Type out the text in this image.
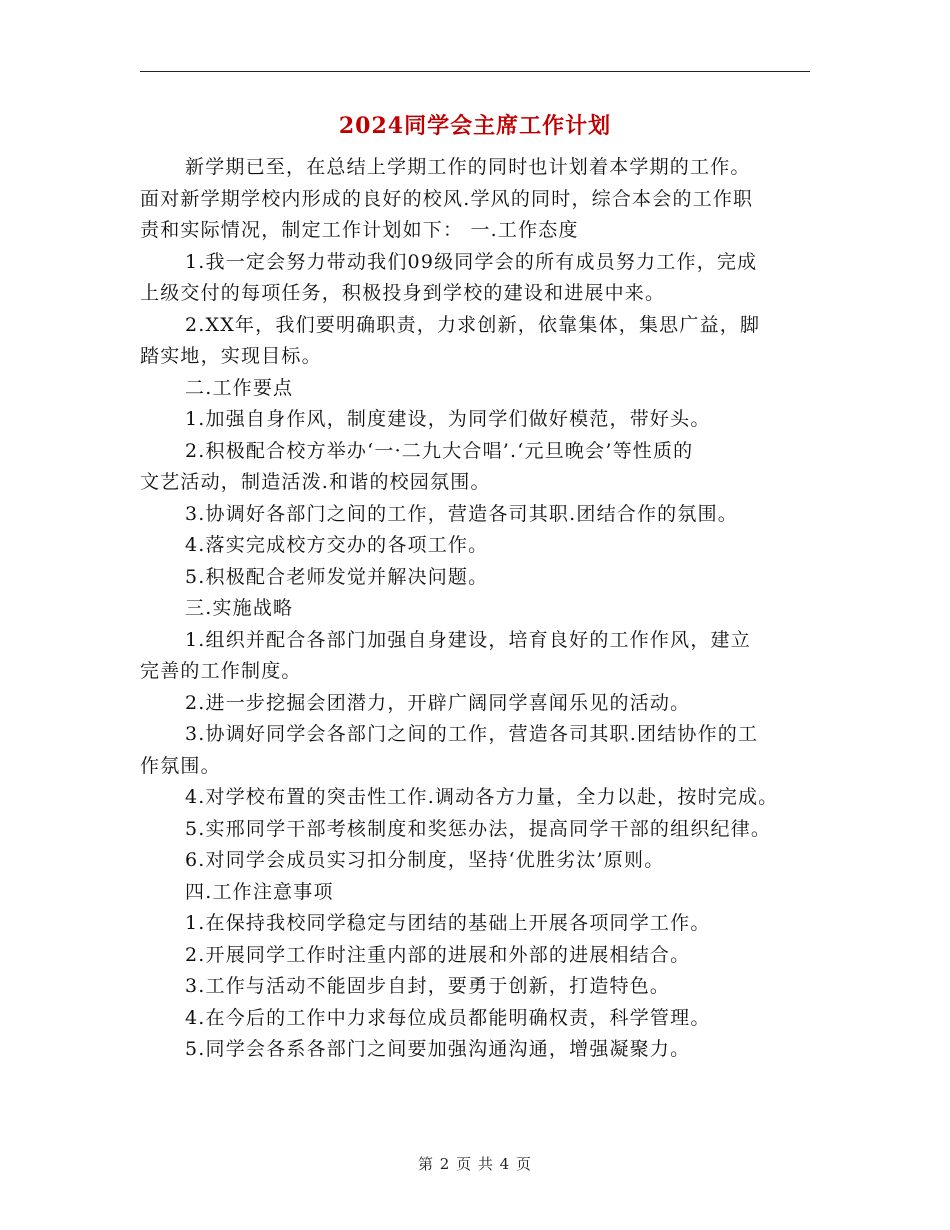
2024同学会主席工作计划

新学期已至，在总结上学期工作的同时也计划着本学期的工作。

面对新学期学校内形成的良好的校风.学风的同时，综合本会的工作职

责和实际情况，制定工作计划如下： 一.工作态度

1.我一定会努力带动我们09级同学会的所有成员努力工作，完成

上级交付的每项任务，积极投身到学校的建设和进展中来。

2.XX年，我们要明确职责，力求创新，依靠集体，集思广益，脚

踏实地，实现目标。

二.工作要点

1.加强自身作风，制度建设，为同学们做好模范，带好头。

2.积极配合校方举办‘一·二九大合唱’.‘元旦晚会’等性质的

文艺活动，制造活泼.和谐的校园氛围。

3.协调好各部门之间的工作，营造各司其职.团结合作的氛围。

4.落实完成校方交办的各项工作。

5.积极配合老师发觉并解决问题。

三.实施战略

1.组织并配合各部门加强自身建设，培育良好的工作作风，建立

完善的工作制度。

2.进一步挖掘会团潜力，开辟广阔同学喜闻乐见的活动。

3.协调好同学会各部门之间的工作，营造各司其职.团结协作的工

作氛围。

4.对学校布置的突击性工作.调动各方力量，全力以赴，按时完成。

5.实邢同学干部考核制度和奖惩办法，提高同学干部的组织纪律。

6.对同学会成员实习扣分制度，坚持‘优胜劣汰’原则。

四.工作注意事项

1.在保持我校同学稳定与团结的基础上开展各项同学工作。

2.开展同学工作时注重内部的进展和外部的进展相结合。

3.工作与活动不能固步自封，要勇于创新，打造特色。

4.在今后的工作中力求每位成员都能明确权责，科学管理。

5.同学会各系各部门之间要加强沟通沟通，增强凝聚力。

第 2 页 共 4 页
